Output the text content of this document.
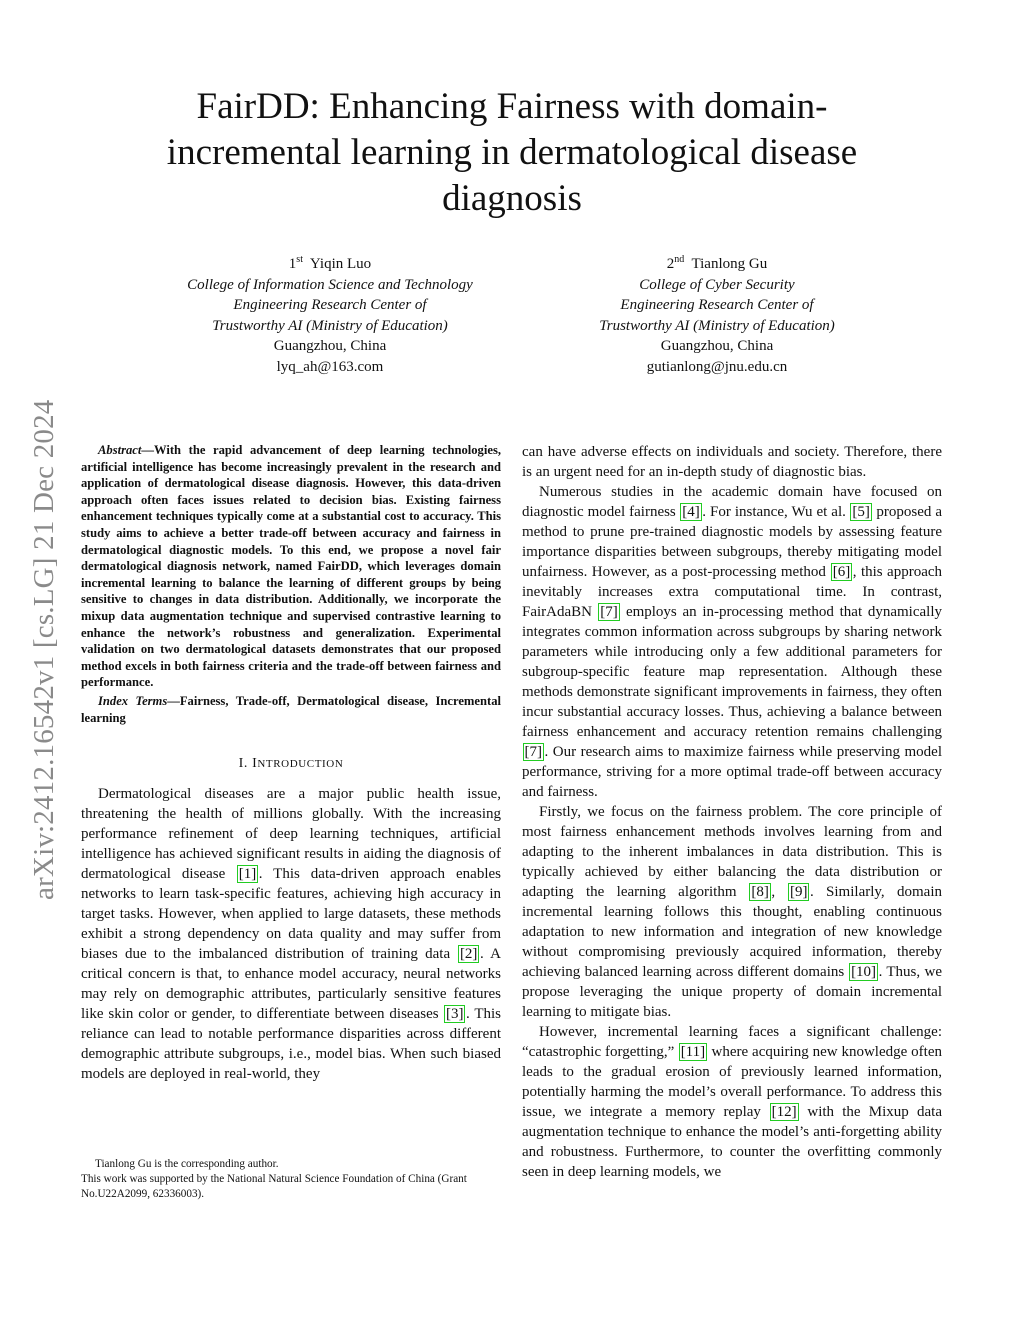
arXiv:2412.16542v1 [cs.LG] 21 Dec 2024
FairDD: Enhancing Fairness with domain-incremental learning in dermatological disease diagnosis
1st Yiqin Luo
College of Information Science and Technology
Engineering Research Center of
Trustworthy AI (Ministry of Education)
Guangzhou, China
lyq_ah@163.com
2nd Tianlong Gu
College of Cyber Security
Engineering Research Center of
Trustworthy AI (Ministry of Education)
Guangzhou, China
gutianlong@jnu.edu.cn

Abstract—With the rapid advancement of deep learning technologies, artificial intelligence has become increasingly prevalent in the research and application of dermatological disease diagnosis. However, this data-driven approach often faces issues related to decision bias. Existing fairness enhancement techniques typically come at a substantial cost to accuracy. This study aims to achieve a better trade-off between accuracy and fairness in dermatological diagnostic models. To this end, we propose a novel fair dermatological diagnosis network, named FairDD, which leverages domain incremental learning to balance the learning of different groups by being sensitive to changes in data distribution. Additionally, we incorporate the mixup data augmentation technique and supervised contrastive learning to enhance the network’s robustness and generalization. Experimental validation on two dermatological datasets demonstrates that our proposed method excels in both fairness criteria and the trade-off between fairness and performance.

Index Terms—Fairness, Trade-off, Dermatological disease, Incremental learning

I. INTRODUCTION

Dermatological diseases are a major public health issue, threatening the health of millions globally. With the increasing performance refinement of deep learning techniques, artificial intelligence has achieved significant results in aiding the diagnosis of dermatological disease [1] . This data-driven approach enables networks to learn task-specific features, achieving high accuracy in target tasks. However, when applied to large datasets, these methods exhibit a strong dependency on data quality and may suffer from biases due to the imbalanced distribution of training data [2] . A critical concern is that, to enhance model accuracy, neural networks may rely on demographic attributes, particularly sensitive features like skin color or gender, to differentiate between diseases [3] . This reliance can lead to notable performance disparities across different demographic attribute subgroups, i.e., model bias. When such biased models are deployed in real-world, they

Tianlong Gu is the corresponding author.
This work was supported by the National Natural Science Foundation of China (Grant No.U22A2099, 62336003).

can have adverse effects on individuals and society. Therefore, there is an urgent need for an in-depth study of diagnostic bias.

Numerous studies in the academic domain have focused on diagnostic model fairness [4] . For instance, Wu et al. [5] proposed a method to prune pre-trained diagnostic models by assessing feature importance disparities between subgroups, thereby mitigating model unfairness. However, as a post-processing method [6] , this approach inevitably increases extra computational time. In contrast, FairAdaBN [7] employs an in-processing method that dynamically integrates common information across subgroups by sharing network parameters while introducing only a few additional parameters for subgroup-specific feature map representation. Although these methods demonstrate significant improvements in fairness, they often incur substantial accuracy losses. Thus, achieving a balance between fairness enhancement and accuracy retention remains challenging [7] . Our research aims to maximize fairness while preserving model performance, striving for a more optimal trade-off between accuracy and fairness.

Firstly, we focus on the fairness problem. The core principle of most fairness enhancement methods involves learning from and adapting to the inherent imbalances in data distribution. This is typically achieved by either balancing the data distribution or adapting the learning algorithm [8] , [9] . Similarly, domain incremental learning follows this thought, enabling continuous adaptation to new information and integration of new knowledge without compromising previously acquired information, thereby achieving balanced learning across different domains [10] . Thus, we propose leveraging the unique property of domain incremental learning to mitigate bias.

However, incremental learning faces a significant challenge: “catastrophic forgetting,” [11] where acquiring new knowledge often leads to the gradual erosion of previously learned information, potentially harming the model’s overall performance. To address this issue, we integrate a memory replay [12] with the Mixup data augmentation technique to enhance the model’s anti-forgetting ability and robustness. Furthermore, to counter the overfitting commonly seen in deep learning models, we
